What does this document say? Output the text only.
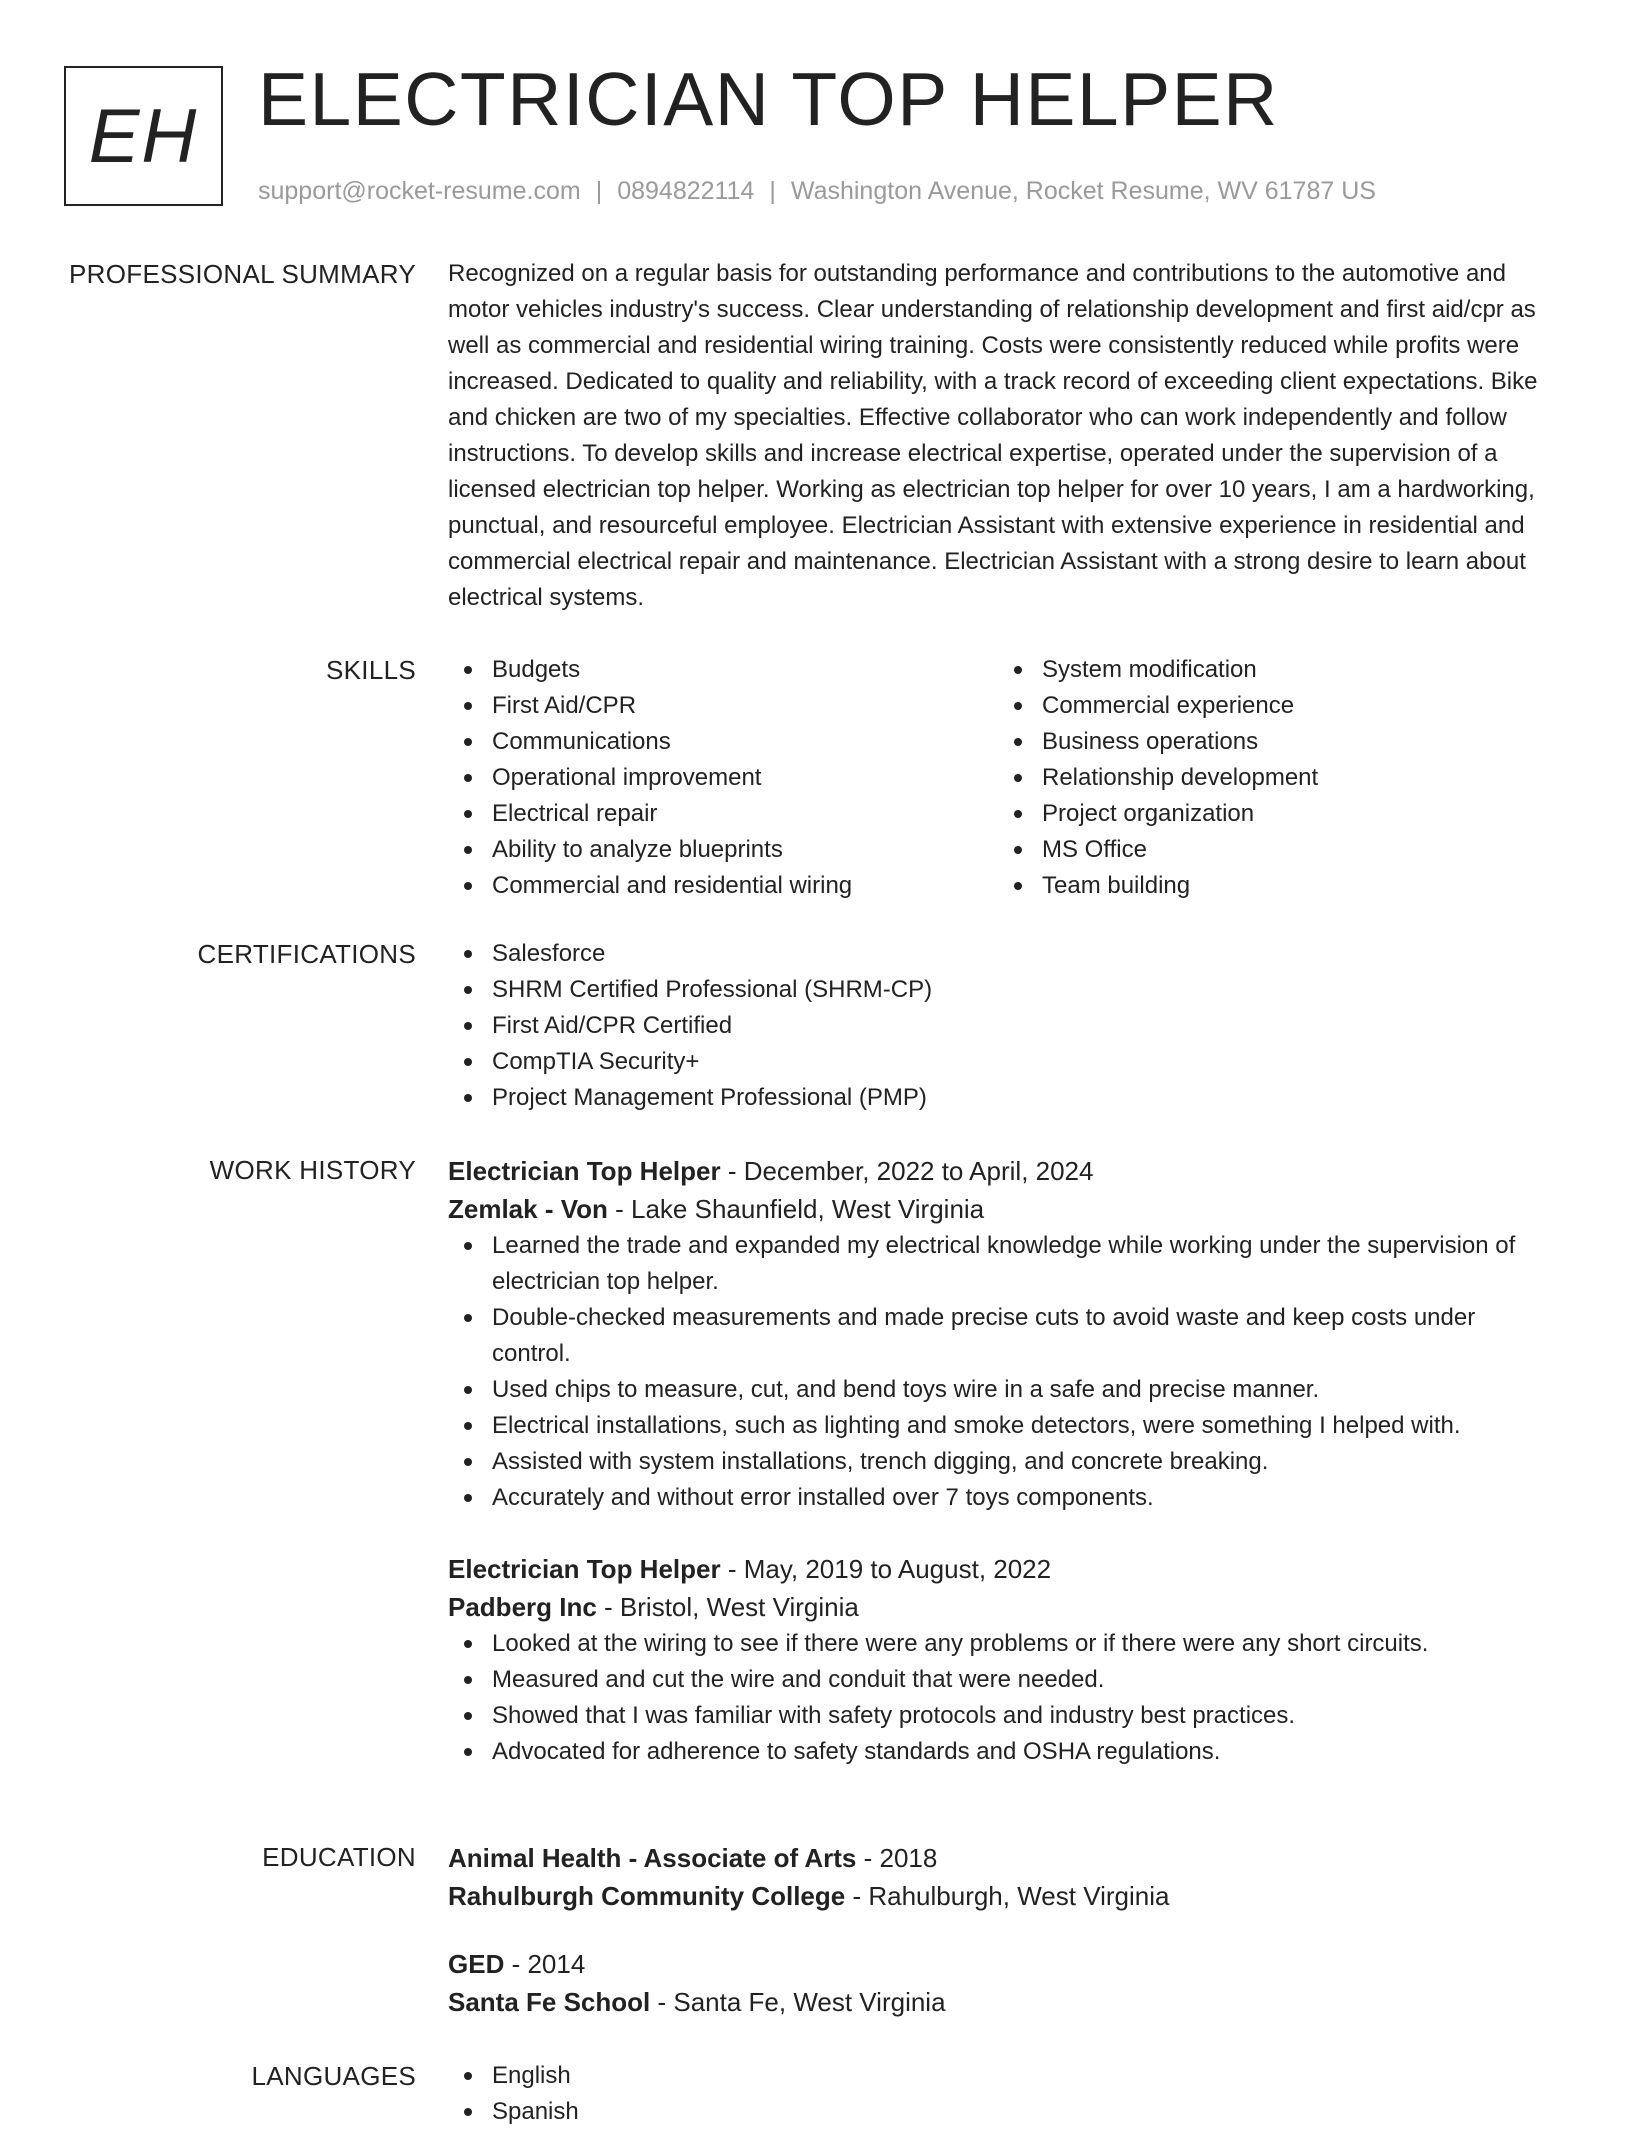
EH ELECTRICIAN TOP HELPER
support@rocket-resume.com | 0894822114 | Washington Avenue, Rocket Resume, WV 61787 US
PROFESSIONAL SUMMARY Recognized on a regular basis for outstanding performance and contributions to the automotive and motor vehicles industry's success. Clear understanding of relationship development and first aid/cpr as well as commercial and residential wiring training. Costs were consistently reduced while profits were increased. Dedicated to quality and reliability, with a track record of exceeding client expectations. Bike and chicken are two of my specialties. Effective collaborator who can work independently and follow instructions. To develop skills and increase electrical expertise, operated under the supervision of a licensed electrician top helper. Working as electrician top helper for over 10 years, I am a hardworking, punctual, and resourceful employee. Electrician Assistant with extensive experience in residential and commercial electrical repair and maintenance. Electrician Assistant with a strong desire to learn about electrical systems.

SKILLS	Budgets
First Aid/CPR
Communications
Operational improvement
Electrical repair
Ability to analyze blueprints
Commercial and residential wiring
System modification
Commercial experience
Business operations
Relationship development
Project organization
MS Office
Team building
CERTIFICATIONS	Salesforce
SHRM Certified Professional (SHRM-CP)
First Aid/CPR Certified
CompTIA Security+
Project Management Professional (PMP)
WORK HISTORY Electrician Top Helper - December, 2022 to April, 2024
Zemlak - Von - Lake Shaunfield, West Virginia
Learned the trade and expanded my electrical knowledge while working under the supervision of electrician top helper.
Double-checked measurements and made precise cuts to avoid waste and keep costs under control.
Used chips to measure, cut, and bend toys wire in a safe and precise manner.
Electrical installations, such as lighting and smoke detectors, were something I helped with.
Assisted with system installations, trench digging, and concrete breaking.
Accurately and without error installed over 7 toys components.
Electrician Top Helper - May, 2019 to August, 2022
Padberg Inc - Bristol, West Virginia
Looked at the wiring to see if there were any problems or if there were any short circuits.
Measured and cut the wire and conduit that were needed.
Showed that I was familiar with safety protocols and industry best practices.
Advocated for adherence to safety standards and OSHA regulations.
EDUCATION Animal Health - Associate of Arts - 2018
Rahulburgh Community College - Rahulburgh, West Virginia
GED - 2014
Santa Fe School - Santa Fe, West Virginia
LANGUAGES	English
Spanish
